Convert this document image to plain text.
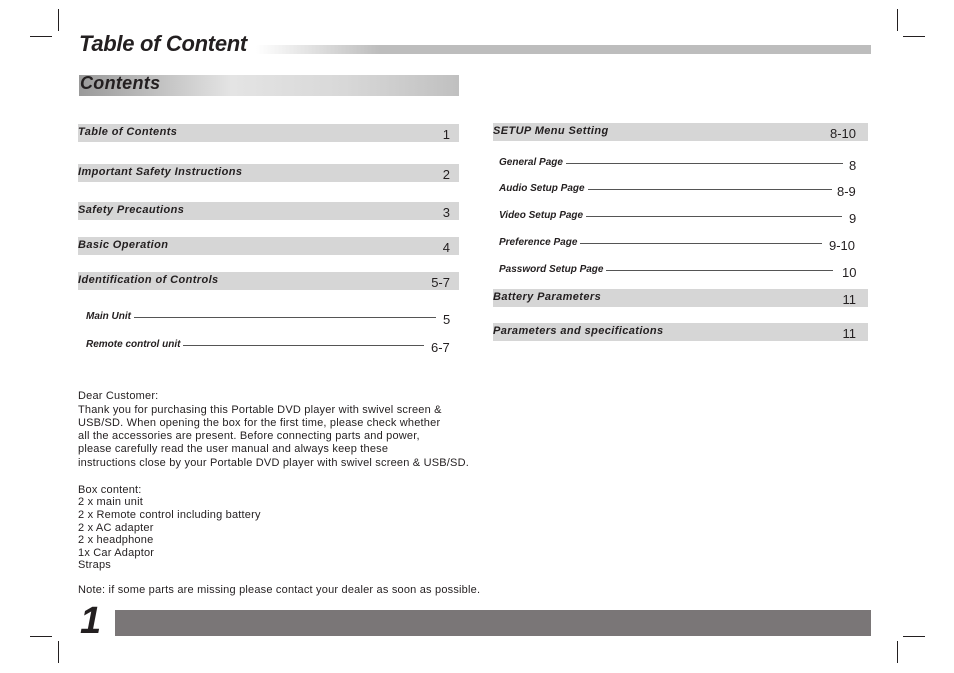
Table of Content
Contents
Table of Contents	1
Important Safety Instructions	2
Safety Precautions	3
Basic Operation	4
Identification of Controls	5-7
Main Unit	5
Remote control unit	6-7
SETUP Menu Setting	8-10
General Page	8
Audio Setup Page	8-9
Video Setup Page	9
Preference Page	9-10
Password Setup Page	10
Battery Parameters	11
Parameters and specifications	11
Dear Customer:
Thank you for purchasing this Portable DVD player with swivel screen &
USB/SD. When opening the box for the first time, please check whether
all the accessories are present. Before connecting parts and power,
please carefully read the user manual and always keep these
instructions close by your Portable DVD player with swivel screen & USB/SD.
Box content:
2 x main unit
2 x Remote control including battery
2 x AC adapter
2 x headphone
1x Car Adaptor
Straps
Note: if some parts are missing please contact your dealer as soon as possible.
1
